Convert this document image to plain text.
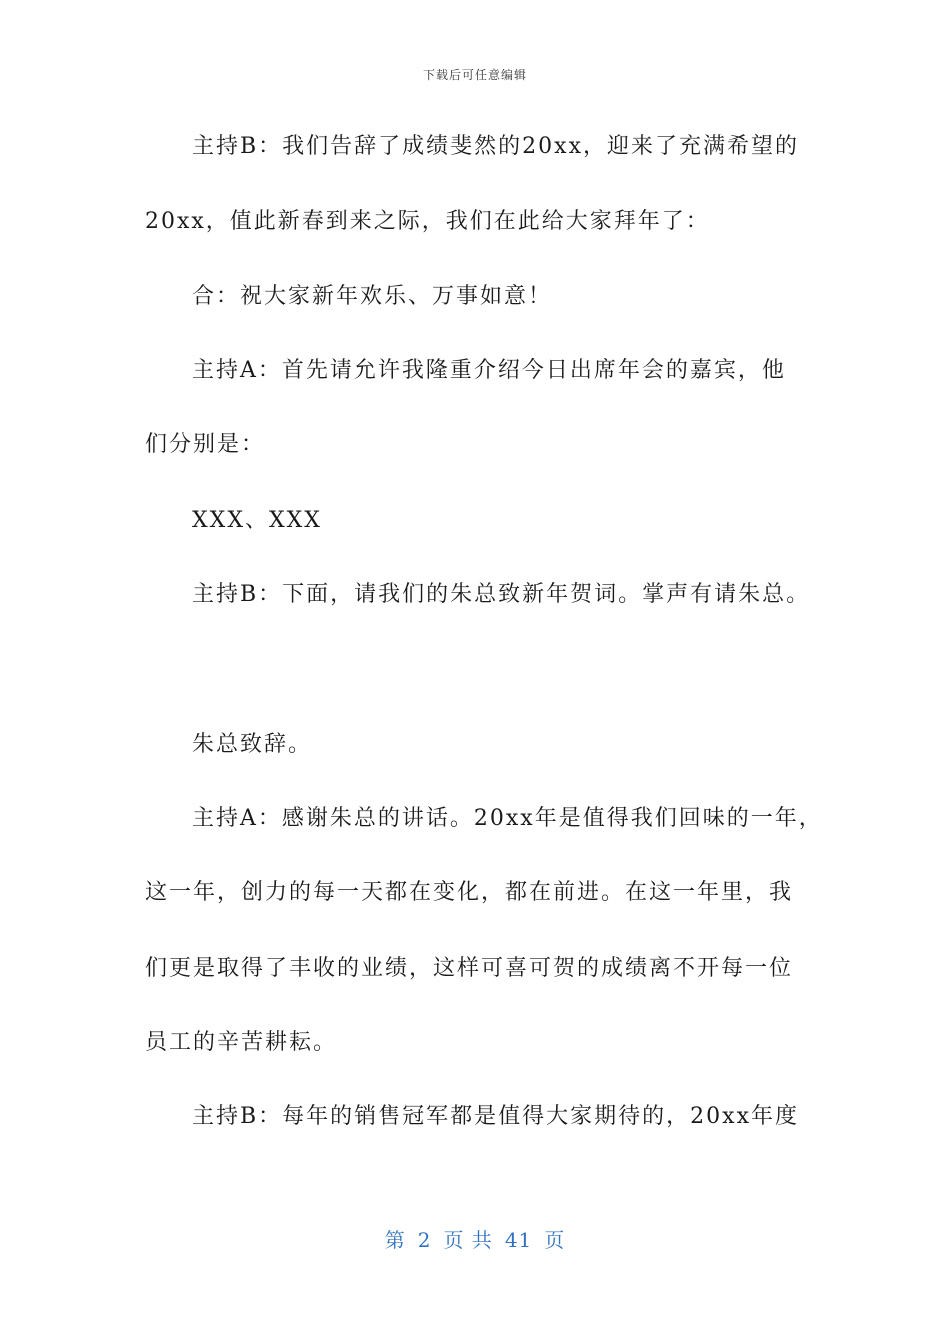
下载后可任意编辑
主持B：我们告辞了成绩斐然的20xx，迎来了充满希望的
20xx，值此新春到来之际，我们在此给大家拜年了：
合：祝大家新年欢乐、万事如意！
主持A：首先请允许我隆重介绍今日出席年会的嘉宾，他
们分别是：
XXX、XXX
主持B：下面，请我们的朱总致新年贺词。掌声有请朱总。
朱总致辞。
主持A：感谢朱总的讲话。20xx年是值得我们回味的一年，
这一年，创力的每一天都在变化，都在前进。在这一年里，我
们更是取得了丰收的业绩，这样可喜可贺的成绩离不开每一位
员工的辛苦耕耘。
主持B：每年的销售冠军都是值得大家期待的，20xx年度
第 2 页 共 41 页
